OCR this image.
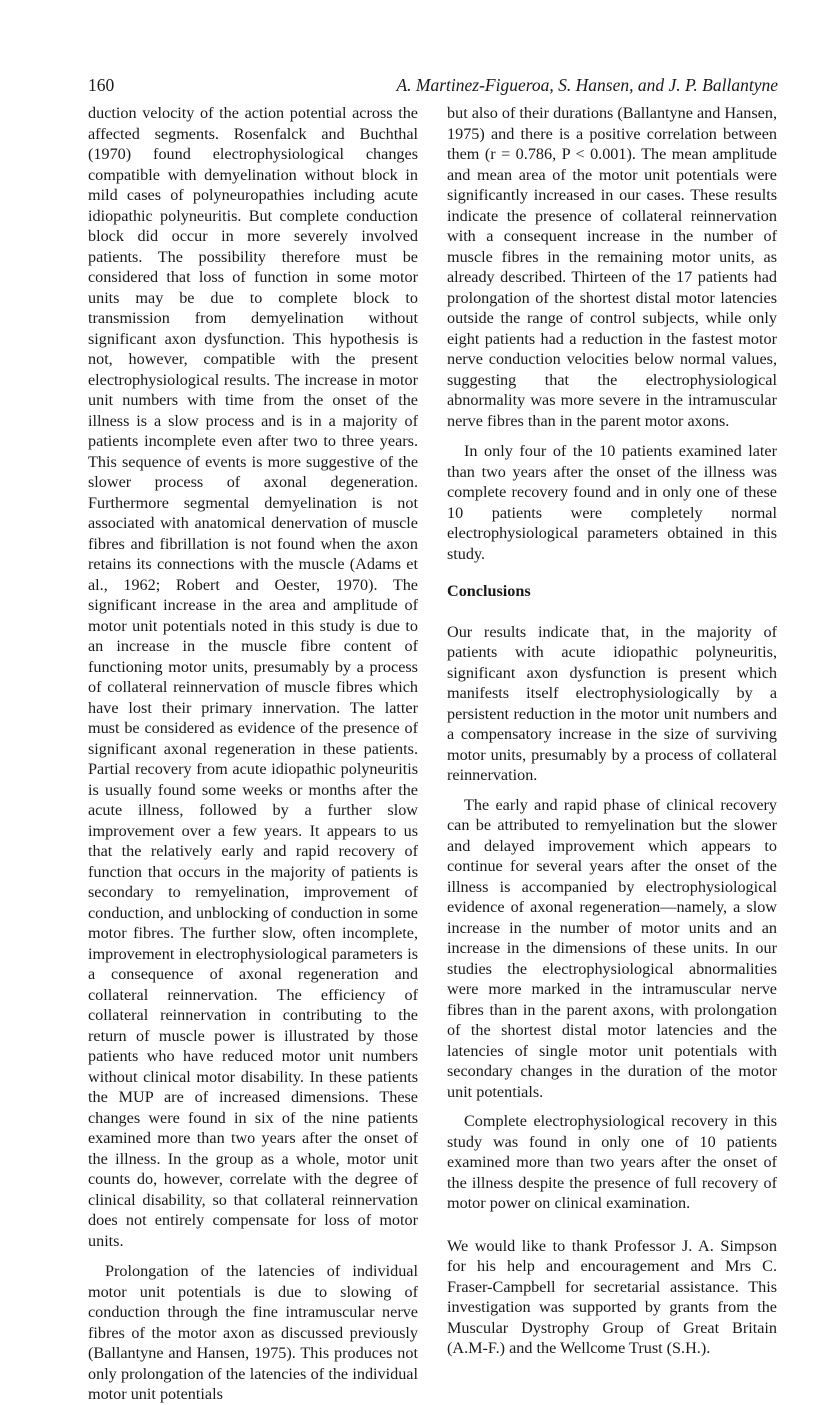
160	A. Martinez-Figueroa, S. Hansen, and J. P. Ballantyne

duction velocity of the action potential across the affected segments. Rosenfalck and Buchthal (1970) found electrophysiological changes compatible with demyelination without block in mild cases of polyneuropathies including acute idiopathic polyneuritis. But complete conduction block did occur in more severely involved patients. The possibility therefore must be considered that loss of function in some motor units may be due to complete block to transmission from demyelination without significant axon dysfunction. This hypothesis is not, however, compatible with the present electrophysiological results. The increase in motor unit numbers with time from the onset of the illness is a slow process and is in a majority of patients incomplete even after two to three years. This sequence of events is more suggestive of the slower process of axonal degeneration. Furthermore segmental demyelination is not associated with anatomical denervation of muscle fibres and fibrillation is not found when the axon retains its connections with the muscle (Adams et al., 1962; Robert and Oester, 1970). The significant increase in the area and amplitude of motor unit potentials noted in this study is due to an increase in the muscle fibre content of functioning motor units, presumably by a process of collateral reinnervation of muscle fibres which have lost their primary innervation. The latter must be considered as evidence of the presence of significant axonal regeneration in these patients. Partial recovery from acute idiopathic polyneuritis is usually found some weeks or months after the acute illness, followed by a further slow improvement over a few years. It appears to us that the relatively early and rapid recovery of function that occurs in the majority of patients is secondary to remyelination, improvement of conduction, and unblocking of conduction in some motor fibres. The further slow, often incomplete, improvement in electrophysiological parameters is a consequence of axonal regeneration and collateral reinnervation. The efficiency of collateral reinnervation in contributing to the return of muscle power is illustrated by those patients who have reduced motor unit numbers without clinical motor disability. In these patients the MUP are of increased dimensions. These changes were found in six of the nine patients examined more than two years after the onset of the illness. In the group as a whole, motor unit counts do, however, correlate with the degree of clinical disability, so that collateral reinnervation does not entirely compensate for loss of motor units.

Prolongation of the latencies of individual motor unit potentials is due to slowing of conduction through the fine intramuscular nerve fibres of the motor axon as discussed previously (Ballantyne and Hansen, 1975). This produces not only prolongation of the latencies of the individual motor unit potentials

but also of their durations (Ballantyne and Hansen, 1975) and there is a positive correlation between them (r = 0.786, P < 0.001). The mean amplitude and mean area of the motor unit potentials were significantly increased in our cases. These results indicate the presence of collateral reinnervation with a consequent increase in the number of muscle fibres in the remaining motor units, as already described. Thirteen of the 17 patients had prolongation of the shortest distal motor latencies outside the range of control subjects, while only eight patients had a reduction in the fastest motor nerve conduction velocities below normal values, suggesting that the electrophysiological abnormality was more severe in the intramuscular nerve fibres than in the parent motor axons.

In only four of the 10 patients examined later than two years after the onset of the illness was complete recovery found and in only one of these 10 patients were completely normal electrophysiological parameters obtained in this study.

Conclusions

Our results indicate that, in the majority of patients with acute idiopathic polyneuritis, significant axon dysfunction is present which manifests itself electrophysiologically by a persistent reduction in the motor unit numbers and a compensatory increase in the size of surviving motor units, presumably by a process of collateral reinnervation.

The early and rapid phase of clinical recovery can be attributed to remyelination but the slower and delayed improvement which appears to continue for several years after the onset of the illness is accompanied by electrophysiological evidence of axonal regeneration—namely, a slow increase in the number of motor units and an increase in the dimensions of these units. In our studies the electrophysiological abnormalities were more marked in the intramuscular nerve fibres than in the parent axons, with prolongation of the shortest distal motor latencies and the latencies of single motor unit potentials with secondary changes in the duration of the motor unit potentials.

Complete electrophysiological recovery in this study was found in only one of 10 patients examined more than two years after the onset of the illness despite the presence of full recovery of motor power on clinical examination.

We would like to thank Professor J. A. Simpson for his help and encouragement and Mrs C. Fraser-Campbell for secretarial assistance. This investigation was supported by grants from the Muscular Dystrophy Group of Great Britain (A.M-F.) and the Wellcome Trust (S.H.).
